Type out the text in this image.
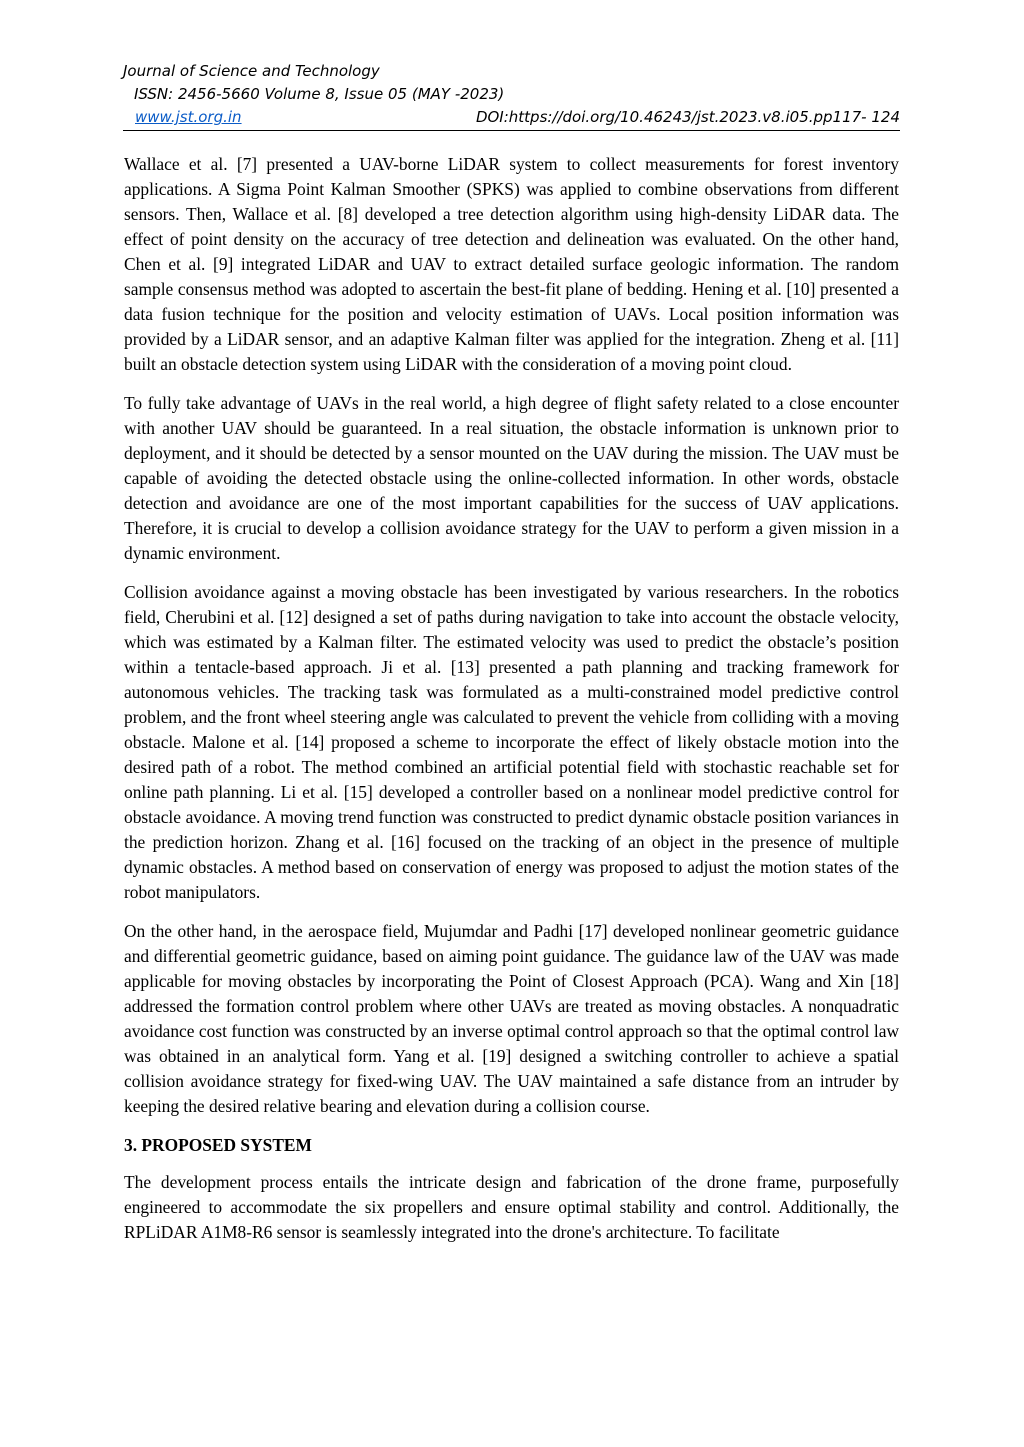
Journal of Science and Technology
ISSN: 2456-5660 Volume 8, Issue 05 (MAY -2023)
www.jst.org.in	DOI:https://doi.org/10.46243/jst.2023.v8.i05.pp117- 124

Wallace et al. [7] presented a UAV-borne LiDAR system to collect measurements for forest inventory applications. A Sigma Point Kalman Smoother (SPKS) was applied to combine observations from different sensors. Then, Wallace et al. [8] developed a tree detection algorithm using high-density LiDAR data. The effect of point density on the accuracy of tree detection and delineation was evaluated. On the other hand, Chen et al. [9] integrated LiDAR and UAV to extract detailed surface geologic information. The random sample consensus method was adopted to ascertain the best-fit plane of bedding. Hening et al. [10] presented a data fusion technique for the position and velocity estimation of UAVs. Local position information was provided by a LiDAR sensor, and an adaptive Kalman filter was applied for the integration. Zheng et al. [11] built an obstacle detection system using LiDAR with the consideration of a moving point cloud.

To fully take advantage of UAVs in the real world, a high degree of flight safety related to a close encounter with another UAV should be guaranteed. In a real situation, the obstacle information is unknown prior to deployment, and it should be detected by a sensor mounted on the UAV during the mission. The UAV must be capable of avoiding the detected obstacle using the online-collected information. In other words, obstacle detection and avoidance are one of the most important capabilities for the success of UAV applications. Therefore, it is crucial to develop a collision avoidance strategy for the UAV to perform a given mission in a dynamic environment.

Collision avoidance against a moving obstacle has been investigated by various researchers. In the robotics field, Cherubini et al. [12] designed a set of paths during navigation to take into account the obstacle velocity, which was estimated by a Kalman filter. The estimated velocity was used to predict the obstacle’s position within a tentacle-based approach. Ji et al. [13] presented a path planning and tracking framework for autonomous vehicles. The tracking task was formulated as a multi-constrained model predictive control problem, and the front wheel steering angle was calculated to prevent the vehicle from colliding with a moving obstacle. Malone et al. [14] proposed a scheme to incorporate the effect of likely obstacle motion into the desired path of a robot. The method combined an artificial potential field with stochastic reachable set for online path planning. Li et al. [15] developed a controller based on a nonlinear model predictive control for obstacle avoidance. A moving trend function was constructed to predict dynamic obstacle position variances in the prediction horizon. Zhang et al. [16] focused on the tracking of an object in the presence of multiple dynamic obstacles. A method based on conservation of energy was proposed to adjust the motion states of the robot manipulators.

On the other hand, in the aerospace field, Mujumdar and Padhi [17] developed nonlinear geometric guidance and differential geometric guidance, based on aiming point guidance. The guidance law of the UAV was made applicable for moving obstacles by incorporating the Point of Closest Approach (PCA). Wang and Xin [18] addressed the formation control problem where other UAVs are treated as moving obstacles. A nonquadratic avoidance cost function was constructed by an inverse optimal control approach so that the optimal control law was obtained in an analytical form. Yang et al. [19] designed a switching controller to achieve a spatial collision avoidance strategy for fixed-wing UAV. The UAV maintained a safe distance from an intruder by keeping the desired relative bearing and elevation during a collision course.

3. PROPOSED SYSTEM

The development process entails the intricate design and fabrication of the drone frame, purposefully engineered to accommodate the six propellers and ensure optimal stability and control. Additionally, the RPLiDAR A1M8-R6 sensor is seamlessly integrated into the drone's architecture. To facilitate
